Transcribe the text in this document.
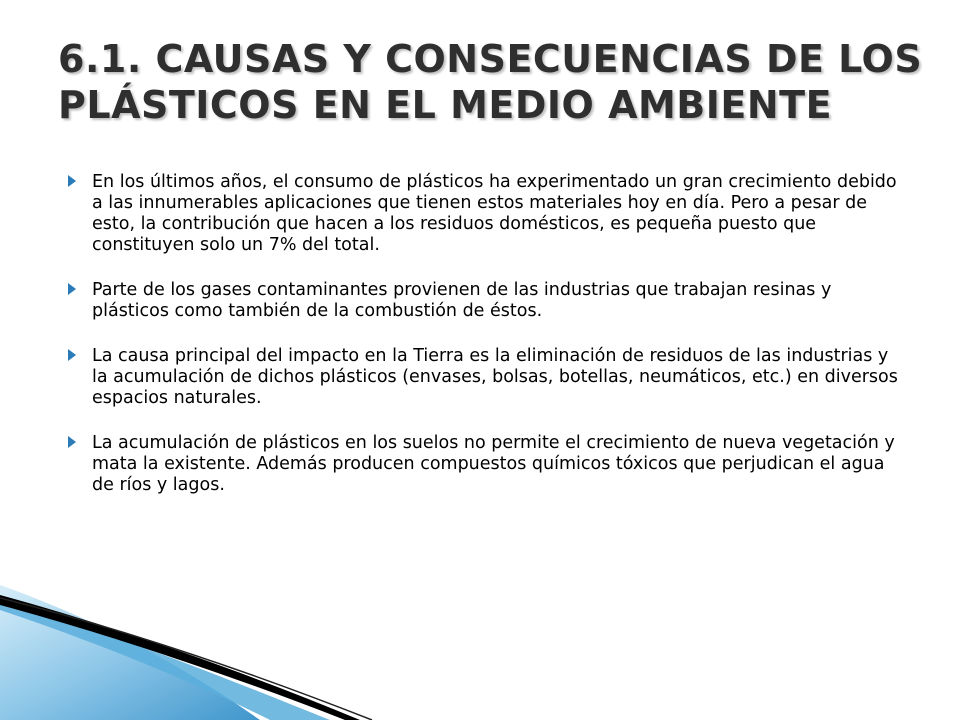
6.1. CAUSAS Y CONSECUENCIAS DE LOS
PLÁSTICOS EN EL MEDIO AMBIENTE
En los últimos años, el consumo de plásticos ha experimentado un gran crecimiento debido a las innumerables aplicaciones que tienen estos materiales hoy en día. Pero a pesar de esto, la contribución que hacen a los residuos domésticos, es pequeña puesto que constituyen solo un 7% del total.
Parte de los gases contaminantes provienen de las industrias que trabajan resinas y plásticos como también de la combustión de éstos.
La causa principal del impacto en la Tierra es la eliminación de residuos de las industrias y la acumulación de dichos plásticos (envases, bolsas, botellas, neumáticos, etc.) en diversos espacios naturales.
La acumulación de plásticos en los suelos no permite el crecimiento de nueva vegetación y mata la existente. Además producen compuestos químicos tóxicos que perjudican el agua de ríos y lagos.
